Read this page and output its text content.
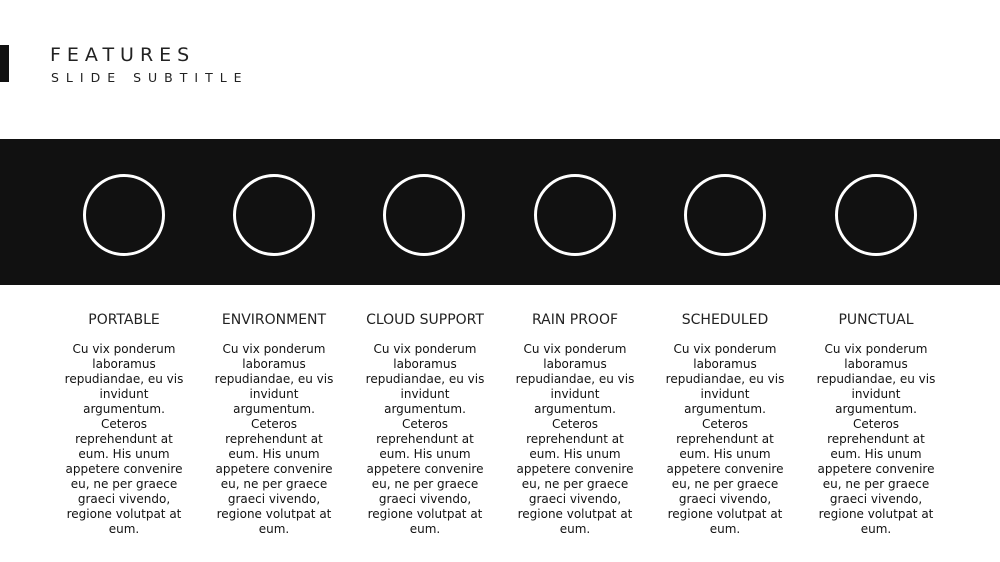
FEATURES
SLIDE SUBTITLE
PORTABLE
Cu vix ponderum laboramus repudiandae, eu vis invidunt argumentum. Ceteros reprehendunt at eum. His unum appetere convenire eu, ne per graece graeci vivendo, regione volutpat at eum.
ENVIRONMENT
Cu vix ponderum laboramus repudiandae, eu vis invidunt argumentum. Ceteros reprehendunt at eum. His unum appetere convenire eu, ne per graece graeci vivendo, regione volutpat at eum.
CLOUD SUPPORT
Cu vix ponderum laboramus repudiandae, eu vis invidunt argumentum. Ceteros reprehendunt at eum. His unum appetere convenire eu, ne per graece graeci vivendo, regione volutpat at eum.
RAIN PROOF
Cu vix ponderum laboramus repudiandae, eu vis invidunt argumentum. Ceteros reprehendunt at eum. His unum appetere convenire eu, ne per graece graeci vivendo, regione volutpat at eum.
SCHEDULED
Cu vix ponderum laboramus repudiandae, eu vis invidunt argumentum. Ceteros reprehendunt at eum. His unum appetere convenire eu, ne per graece graeci vivendo, regione volutpat at eum.
PUNCTUAL
Cu vix ponderum laboramus repudiandae, eu vis invidunt argumentum. Ceteros reprehendunt at eum. His unum appetere convenire eu, ne per graece graeci vivendo, regione volutpat at eum.
